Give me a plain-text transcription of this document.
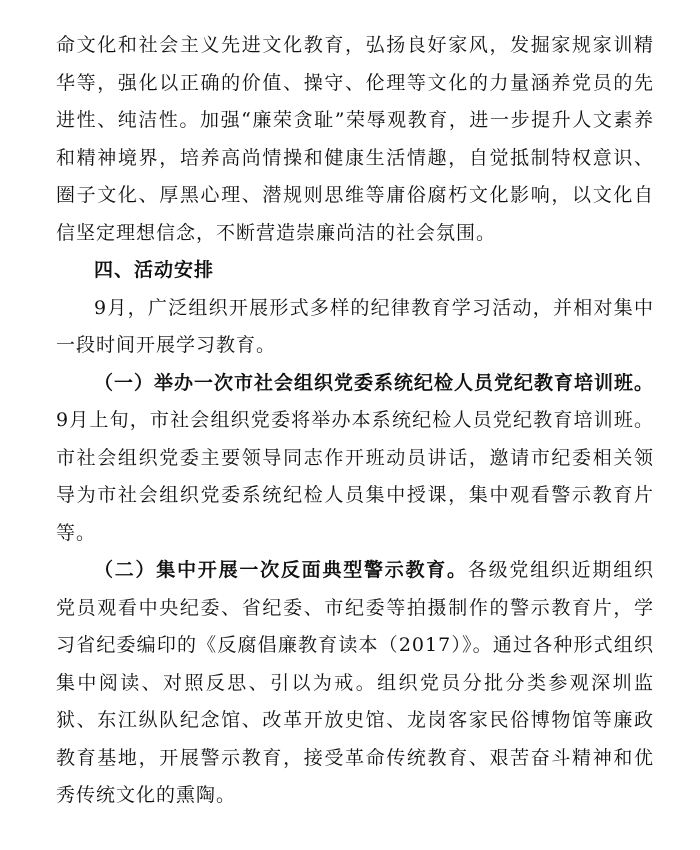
命文化和社会主义先进文化教育，弘扬良好家风，发掘家规家训精华等，强化以正确的价值、操守、伦理等文化的力量涵养党员的先进性、纯洁性。加强“廉荣贪耻”荣辱观教育，进一步提升人文素养和精神境界，培养高尚情操和健康生活情趣，自觉抵制特权意识、圈子文化、厚黑心理、潜规则思维等庸俗腐朽文化影响，以文化自信坚定理想信念，不断营造崇廉尚洁的社会氛围。

四、活动安排

9月，广泛组织开展形式多样的纪律教育学习活动，并相对集中一段时间开展学习教育。

（一）举办一次市社会组织党委系统纪检人员党纪教育培训班。9月上旬，市社会组织党委将举办本系统纪检人员党纪教育培训班。市社会组织党委主要领导同志作开班动员讲话，邀请市纪委相关领导为市社会组织党委系统纪检人员集中授课，集中观看警示教育片等。

（二）集中开展一次反面典型警示教育。各级党组织近期组织党员观看中央纪委、省纪委、市纪委等拍摄制作的警示教育片，学习省纪委编印的《反腐倡廉教育读本（2017）》。通过各种形式组织集中阅读、对照反思、引以为戒。组织党员分批分类参观深圳监狱、东江纵队纪念馆、改革开放史馆、龙岗客家民俗博物馆等廉政教育基地，开展警示教育，接受革命传统教育、艰苦奋斗精神和优秀传统文化的熏陶。
